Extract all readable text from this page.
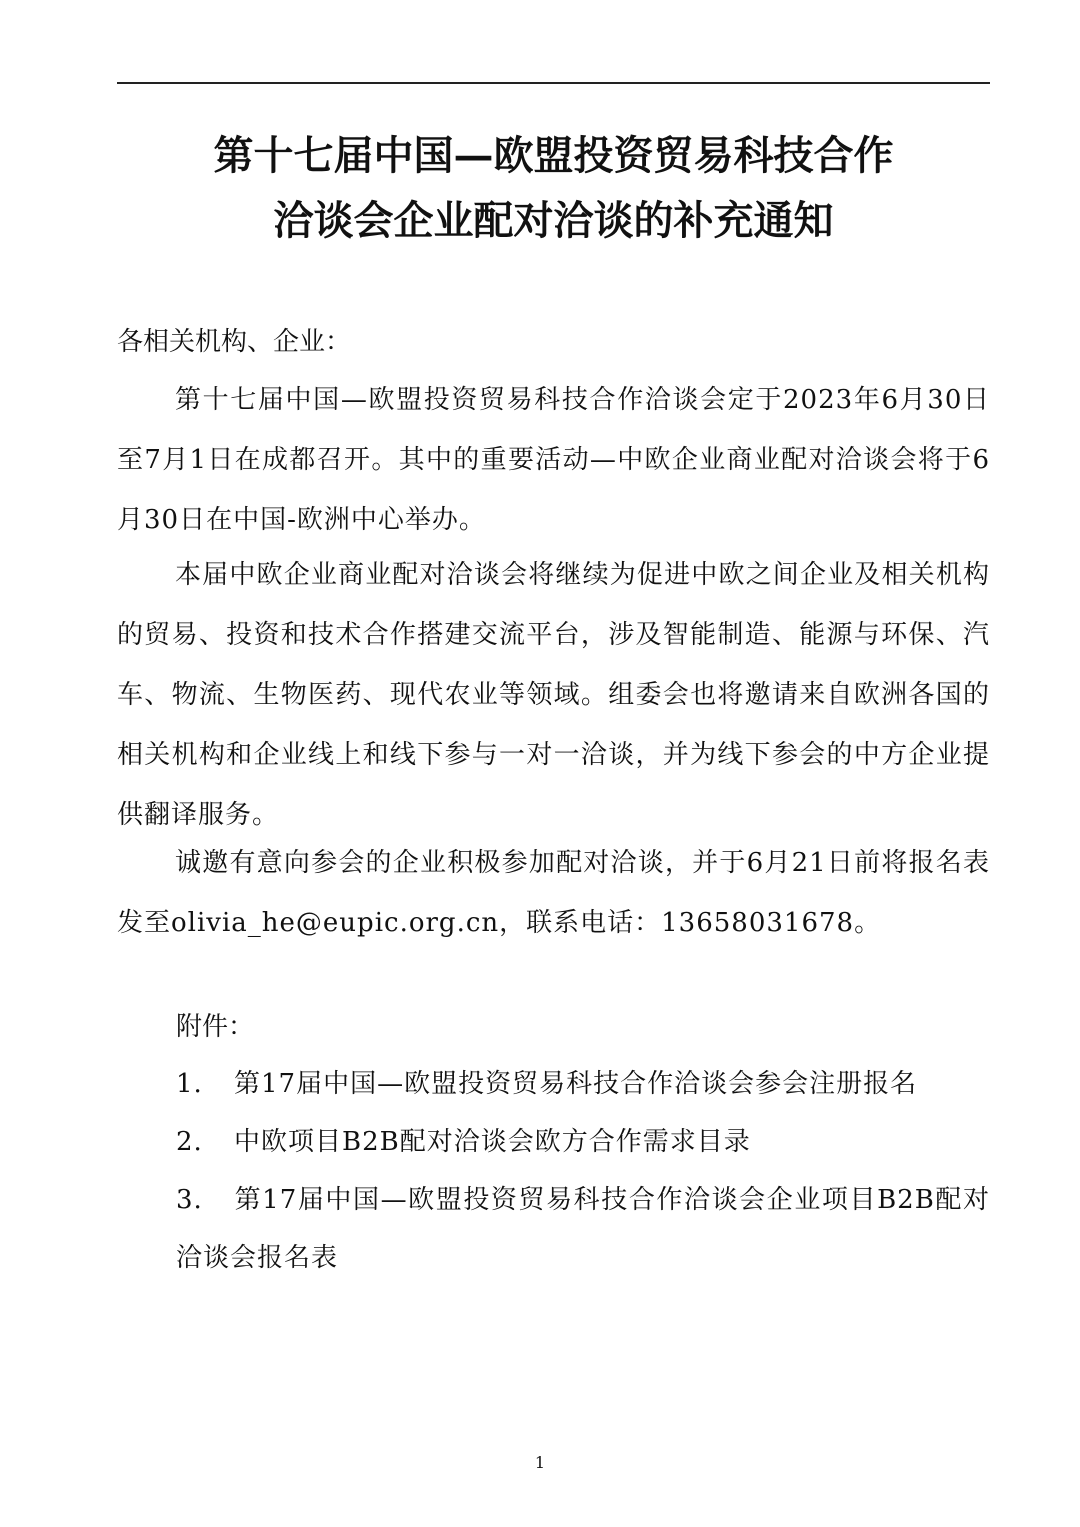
第十七届中国—欧盟投资贸易科技合作
洽谈会企业配对洽谈的补充通知
各相关机构、企业：

第十七届中国—欧盟投资贸易科技合作洽谈会定于2023年6月30日至7月1日在成都召开。其中的重要活动—中欧企业商业配对洽谈会将于6月30日在中国-欧洲中心举办。

本届中欧企业商业配对洽谈会将继续为促进中欧之间企业及相关机构的贸易、投资和技术合作搭建交流平台，涉及智能制造、能源与环保、汽车、物流、生物医药、现代农业等领域。组委会也将邀请来自欧洲各国的相关机构和企业线上和线下参与一对一洽谈，并为线下参会的中方企业提供翻译服务。

诚邀有意向参会的企业积极参加配对洽谈，并于6月21日前将报名表发至olivia_he@eupic.org.cn，联系电话：13658031678。

附件：
1. 第17届中国—欧盟投资贸易科技合作洽谈会参会注册报名
2. 中欧项目B2B配对洽谈会欧方合作需求目录
3. 第17届中国—欧盟投资贸易科技合作洽谈会企业项目B2B配对洽谈会报名表
1
